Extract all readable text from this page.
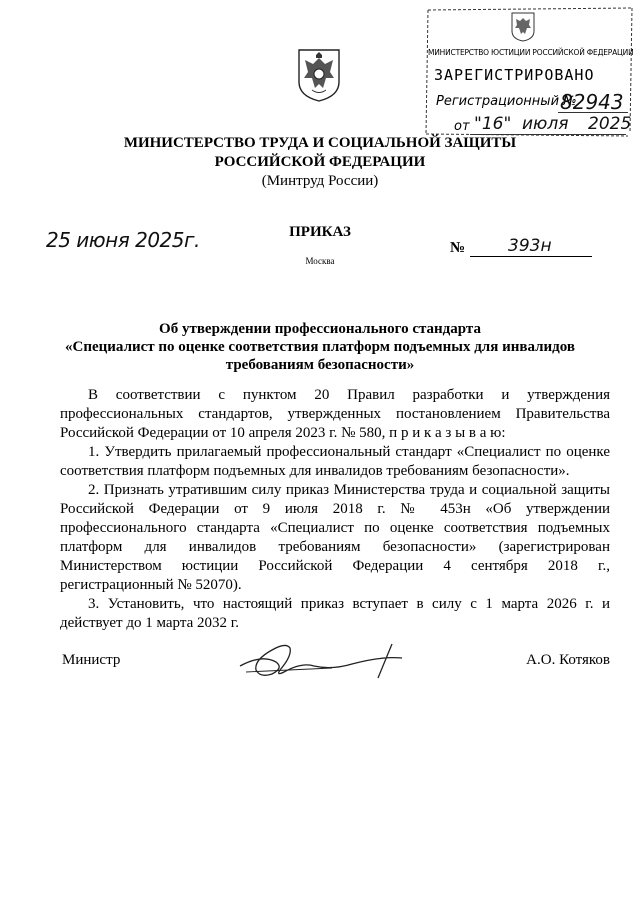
МИНИСТЕРСТВО ЮСТИЦИИ РОССИЙСКОЙ ФЕДЕРАЦИИ
ЗАРЕГИСТРИРОВАНО
Регистрационный №
82943
от "16" июля 2025
МИНИСТЕРСТВО ТРУДА И СОЦИАЛЬНОЙ ЗАЩИТЫ
РОССИЙСКОЙ ФЕДЕРАЦИИ
(Минтруд России)
25 июня 2025г.	ПРИКАЗ
Москва
№	393н
Об утверждении профессионального стандарта
«Специалист по оценке соответствия платформ подъемных для инвалидов
требованиям безопасности»

В соответствии с пунктом 20 Правил разработки и утверждения профессиональных стандартов, утвержденных постановлением Правительства Российской Федерации от 10 апреля 2023 г. № 580, п р и к а з ы в а ю:

1. Утвердить прилагаемый профессиональный стандарт «Специалист по оценке соответствия платформ подъемных для инвалидов требованиям безопасности».

2. Признать утратившим силу приказ Министерства труда и социальной защиты Российской Федерации от 9 июля 2018 г. № 453н «Об утверждении профессионального стандарта «Специалист по оценке соответствия подъемных платформ для инвалидов требованиям безопасности» (зарегистрирован Министерством юстиции Российской Федерации 4 сентября 2018 г., регистрационный № 52070).

3. Установить, что настоящий приказ вступает в силу с 1 марта 2026 г. и действует до 1 марта 2032 г.

Министр	А.О. Котяков
